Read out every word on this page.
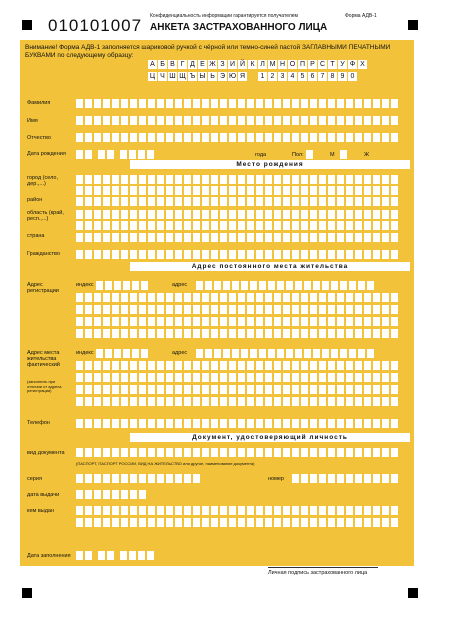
010101007 Конфиденциальность информации гарантируется получателем	Форма АДВ-1
АНКЕТА ЗАСТРАХОВАННОГО ЛИЦА
Личная подпись застрахованного лица
Внимание! Форма АДВ-1 заполняется шариковой ручкой с чёрной или темно-синей пастой ЗАГЛАВНЫМИ ПЕЧАТНЫМИ БУКВАМИ по следующему образцу:
А Б В Г Д Е Ж З И Й К Л М Н О П Р С Т У Ф Х
Ц Ч Ш Щ Ъ Ы Ь Э Ю Я	1 2 3 4 5 6 7 8 9 0
Место рождения
Адрес постоянного места жительства
Документ, удостоверяющий личность
Фамилия
Имя
Отчество
Дата рождения	года	Пол:	М	Ж
город (село, дер.,...)
район
область (край, респ.,...)
страна
Гражданство
Адрес регистрации
индекс	адрес
Адрес места жительства фактический
индекс	адрес
(заполнить при отличии от адреса регистрации)
Телефон
вид документа
(ПАСПОРТ, ПАСПОРТ РОССИИ, ВИД НА ЖИТЕЛЬСТВО или другое, наименование документа)
серия	номер
дата выдачи
кем выдан
Дата заполнения
